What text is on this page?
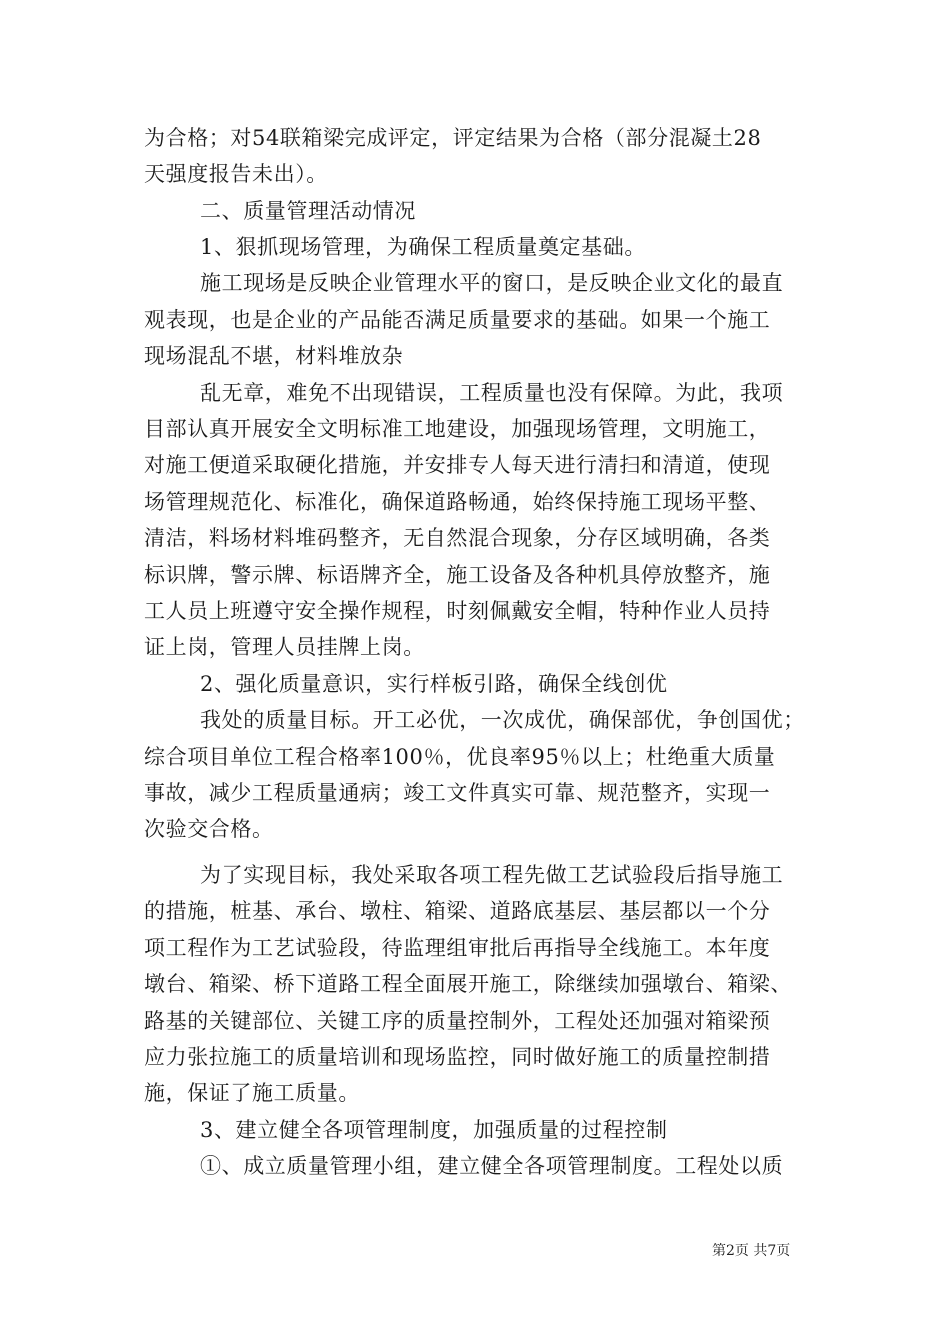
为合格；对54联箱梁完成评定，评定结果为合格（部分混凝土28
天强度报告未出）。
二、质量管理活动情况
1、狠抓现场管理，为确保工程质量奠定基础。
施工现场是反映企业管理水平的窗口，是反映企业文化的最直
观表现，也是企业的产品能否满足质量要求的基础。如果一个施工
现场混乱不堪，材料堆放杂
乱无章，难免不出现错误，工程质量也没有保障。为此，我项
目部认真开展安全文明标准工地建设，加强现场管理，文明施工，
对施工便道采取硬化措施，并安排专人每天进行清扫和清道，使现
场管理规范化、标准化，确保道路畅通，始终保持施工现场平整、
清洁，料场材料堆码整齐，无自然混合现象，分存区域明确，各类
标识牌，警示牌、标语牌齐全，施工设备及各种机具停放整齐，施
工人员上班遵守安全操作规程，时刻佩戴安全帽，特种作业人员持
证上岗，管理人员挂牌上岗。
2、强化质量意识，实行样板引路，确保全线创优
我处的质量目标。开工必优，一次成优，确保部优，争创国优；
综合项目单位工程合格率100％，优良率95％以上；杜绝重大质量
事故，减少工程质量通病；竣工文件真实可靠、规范整齐，实现一
次验交合格。
为了实现目标，我处采取各项工程先做工艺试验段后指导施工
的措施，桩基、承台、墩柱、箱梁、道路底基层、基层都以一个分
项工程作为工艺试验段，待监理组审批后再指导全线施工。本年度
墩台、箱梁、桥下道路工程全面展开施工，除继续加强墩台、箱梁、
路基的关键部位、关键工序的质量控制外，工程处还加强对箱梁预
应力张拉施工的质量培训和现场监控，同时做好施工的质量控制措
施，保证了施工质量。
3、建立健全各项管理制度，加强质量的过程控制
①、成立质量管理小组，建立健全各项管理制度。工程处以质
第2页 共7页
